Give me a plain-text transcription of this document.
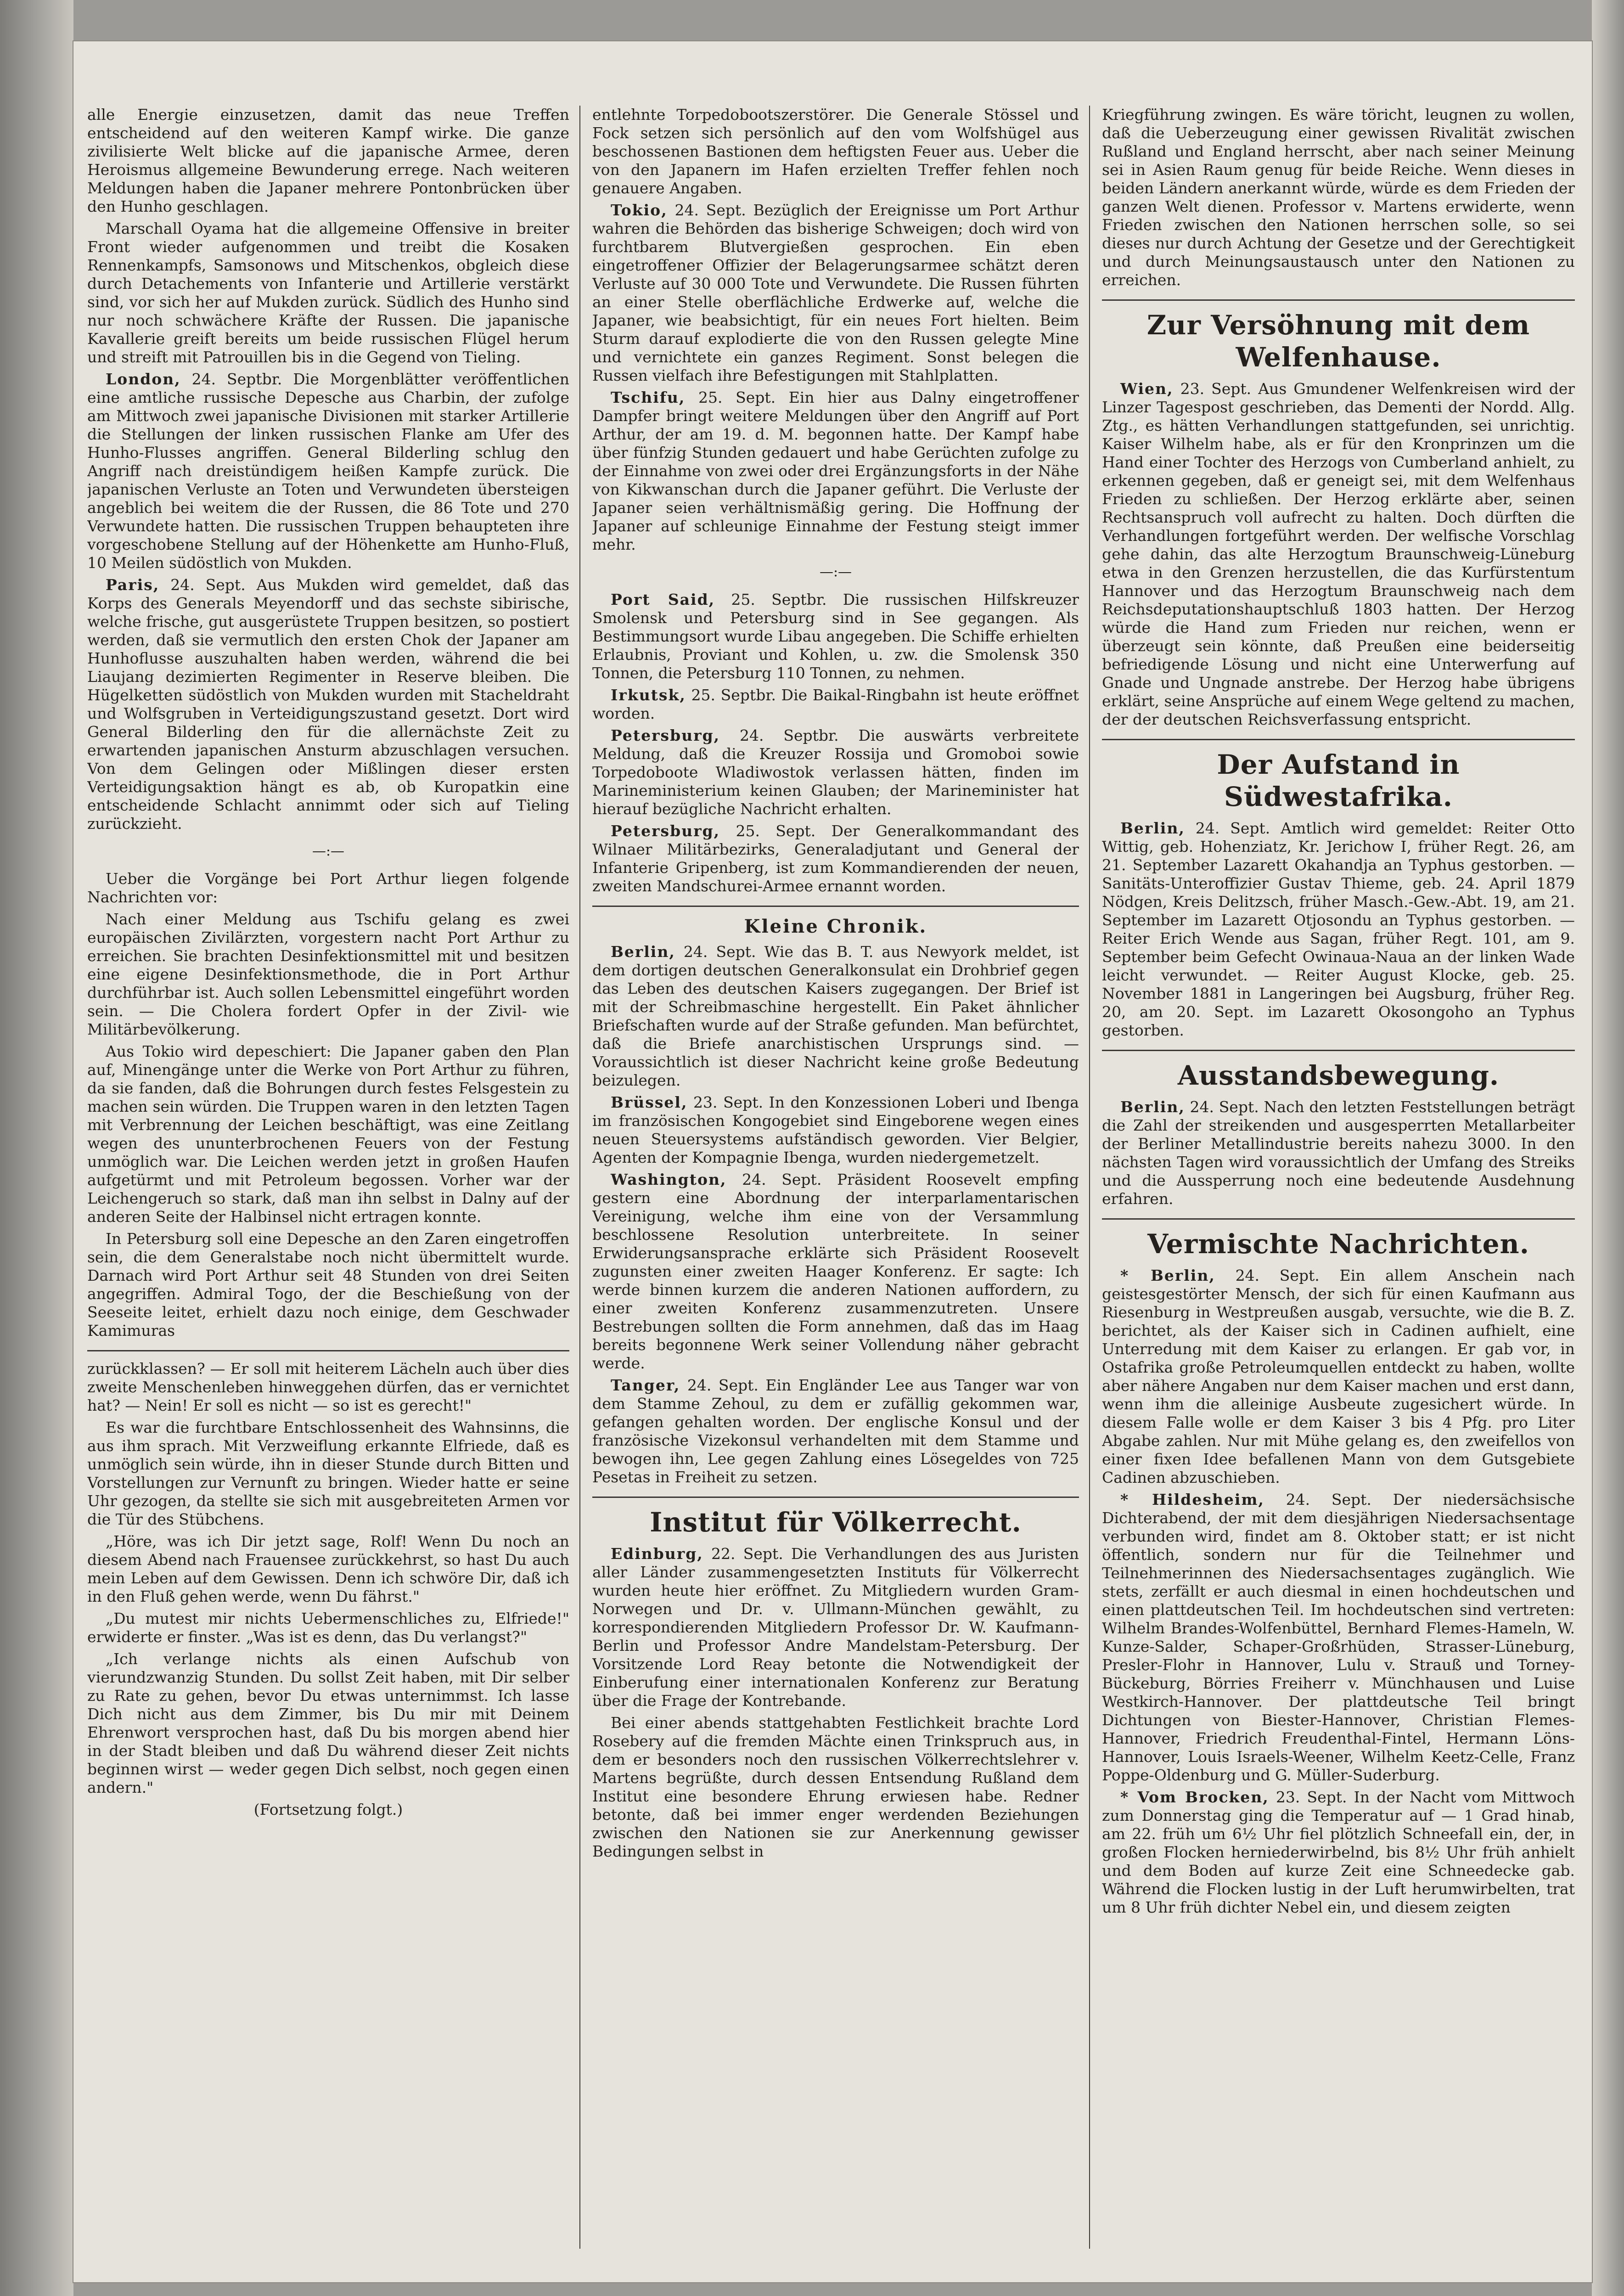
alle Energie einzusetzen, damit das neue Treffen entscheidend auf den weiteren Kampf wirke. Die ganze zivilisierte Welt blicke auf die japanische Armee, deren Heroismus allgemeine Bewunderung errege. Nach weiteren Meldungen haben die Japaner mehrere Pontonbrücken über den Hunho geschlagen.

Marschall Oyama hat die allgemeine Offensive in breiter Front wieder aufgenommen und treibt die Kosaken Rennenkampfs, Samsonows und Mitschenkos, obgleich diese durch Detachements von Infanterie und Artillerie verstärkt sind, vor sich her auf Mukden zurück. Südlich des Hunho sind nur noch schwächere Kräfte der Russen. Die japanische Kavallerie greift bereits um beide russischen Flügel herum und streift mit Patrouillen bis in die Gegend von Tieling.

London, 24. Septbr. Die Morgenblätter veröffentlichen eine amtliche russische Depesche aus Charbin, der zufolge am Mittwoch zwei japanische Divisionen mit starker Artillerie die Stellungen der linken russischen Flanke am Ufer des Hunho-Flusses angriffen. General Bilderling schlug den Angriff nach dreistündigem heißen Kampfe zurück. Die japanischen Verluste an Toten und Verwundeten übersteigen angeblich bei weitem die der Russen, die 86 Tote und 270 Verwundete hatten. Die russischen Truppen behaupteten ihre vorgeschobene Stellung auf der Höhenkette am Hunho-Fluß, 10 Meilen südöstlich von Mukden.

Paris, 24. Sept. Aus Mukden wird gemeldet, daß das Korps des Generals Meyendorff und das sechste sibirische, welche frische, gut ausgerüstete Truppen besitzen, so postiert werden, daß sie vermutlich den ersten Chok der Japaner am Hunhoflusse auszuhalten haben werden, während die bei Liaujang dezimierten Regimenter in Reserve bleiben. Die Hügelketten südöstlich von Mukden wurden mit Stacheldraht und Wolfsgruben in Verteidigungszustand gesetzt. Dort wird General Bilderling den für die allernächste Zeit zu erwartenden japanischen Ansturm abzuschlagen versuchen. Von dem Gelingen oder Mißlingen dieser ersten Verteidigungsaktion hängt es ab, ob Kuropatkin eine entscheidende Schlacht annimmt oder sich auf Tieling zurückzieht.

—:—

Ueber die Vorgänge bei Port Arthur liegen folgende Nachrichten vor:

Nach einer Meldung aus Tschifu gelang es zwei europäischen Zivilärzten, vorgestern nacht Port Arthur zu erreichen. Sie brachten Desinfektionsmittel mit und besitzen eine eigene Desinfektionsmethode, die in Port Arthur durchführbar ist. Auch sollen Lebensmittel eingeführt worden sein. — Die Cholera fordert Opfer in der Zivil- wie Militärbevölkerung.

Aus Tokio wird depeschiert: Die Japaner gaben den Plan auf, Minengänge unter die Werke von Port Arthur zu führen, da sie fanden, daß die Bohrungen durch festes Felsgestein zu machen sein würden. Die Truppen waren in den letzten Tagen mit Verbrennung der Leichen beschäftigt, was eine Zeitlang wegen des ununterbrochenen Feuers von der Festung unmöglich war. Die Leichen werden jetzt in großen Haufen aufgetürmt und mit Petroleum begossen. Vorher war der Leichengeruch so stark, daß man ihn selbst in Dalny auf der anderen Seite der Halbinsel nicht ertragen konnte.

In Petersburg soll eine Depesche an den Zaren eingetroffen sein, die dem Generalstabe noch nicht übermittelt wurde. Darnach wird Port Arthur seit 48 Stunden von drei Seiten angegriffen. Admiral Togo, der die Beschießung von der Seeseite leitet, erhielt dazu noch einige, dem Geschwader Kamimuras

zurückklassen? — Er soll mit heiterem Lächeln auch über dies zweite Menschenleben hinweggehen dürfen, das er vernichtet hat? — Nein! Er soll es nicht — so ist es gerecht!"

Es war die furchtbare Entschlossenheit des Wahnsinns, die aus ihm sprach. Mit Verzweiflung erkannte Elfriede, daß es unmöglich sein würde, ihn in dieser Stunde durch Bitten und Vorstellungen zur Vernunft zu bringen. Wieder hatte er seine Uhr gezogen, da stellte sie sich mit ausgebreiteten Armen vor die Tür des Stübchens.

„Höre, was ich Dir jetzt sage, Rolf! Wenn Du noch an diesem Abend nach Frauensee zurückkehrst, so hast Du auch mein Leben auf dem Gewissen. Denn ich schwöre Dir, daß ich in den Fluß gehen werde, wenn Du fährst."

„Du mutest mir nichts Uebermenschliches zu, Elfriede!" erwiderte er finster. „Was ist es denn, das Du verlangst?"

„Ich verlange nichts als einen Aufschub von vierundzwanzig Stunden. Du sollst Zeit haben, mit Dir selber zu Rate zu gehen, bevor Du etwas unternimmst. Ich lasse Dich nicht aus dem Zimmer, bis Du mir mit Deinem Ehrenwort versprochen hast, daß Du bis morgen abend hier in der Stadt bleiben und daß Du während dieser Zeit nichts beginnen wirst — weder gegen Dich selbst, noch gegen einen andern."

(Fortsetzung folgt.)

entlehnte Torpedobootszerstörer. Die Generale Stössel und Fock setzen sich persönlich auf den vom Wolfshügel aus beschossenen Bastionen dem heftigsten Feuer aus. Ueber die von den Japanern im Hafen erzielten Treffer fehlen noch genauere Angaben.

Tokio, 24. Sept. Bezüglich der Ereignisse um Port Arthur wahren die Behörden das bisherige Schweigen; doch wird von furchtbarem Blutvergießen gesprochen. Ein eben eingetroffener Offizier der Belagerungsarmee schätzt deren Verluste auf 30 000 Tote und Verwundete. Die Russen führten an einer Stelle oberflächliche Erdwerke auf, welche die Japaner, wie beabsichtigt, für ein neues Fort hielten. Beim Sturm darauf explodierte die von den Russen gelegte Mine und vernichtete ein ganzes Regiment. Sonst belegen die Russen vielfach ihre Befestigungen mit Stahlplatten.

Tschifu, 25. Sept. Ein hier aus Dalny eingetroffener Dampfer bringt weitere Meldungen über den Angriff auf Port Arthur, der am 19. d. M. begonnen hatte. Der Kampf habe über fünfzig Stunden gedauert und habe Gerüchten zufolge zu der Einnahme von zwei oder drei Ergänzungsforts in der Nähe von Kikwanschan durch die Japaner geführt. Die Verluste der Japaner seien verhältnismäßig gering. Die Hoffnung der Japaner auf schleunige Einnahme der Festung steigt immer mehr.

—:—

Port Said, 25. Septbr. Die russischen Hilfskreuzer Smolensk und Petersburg sind in See gegangen. Als Bestimmungsort wurde Libau angegeben. Die Schiffe erhielten Erlaubnis, Proviant und Kohlen, u. zw. die Smolensk 350 Tonnen, die Petersburg 110 Tonnen, zu nehmen.

Irkutsk, 25. Septbr. Die Baikal-Ringbahn ist heute eröffnet worden.

Petersburg, 24. Septbr. Die auswärts verbreitete Meldung, daß die Kreuzer Rossija und Gromoboi sowie Torpedoboote Wladiwostok verlassen hätten, finden im Marineministerium keinen Glauben; der Marineminister hat hierauf bezügliche Nachricht erhalten.

Petersburg, 25. Sept. Der Generalkommandant des Wilnaer Militärbezirks, Generaladjutant und General der Infanterie Gripenberg, ist zum Kommandierenden der neuen, zweiten Mandschurei-Armee ernannt worden.

Kleine Chronik.

Berlin, 24. Sept. Wie das B. T. aus Newyork meldet, ist dem dortigen deutschen Generalkonsulat ein Drohbrief gegen das Leben des deutschen Kaisers zugegangen. Der Brief ist mit der Schreibmaschine hergestellt. Ein Paket ähnlicher Briefschaften wurde auf der Straße gefunden. Man befürchtet, daß die Briefe anarchistischen Ursprungs sind. — Voraussichtlich ist dieser Nachricht keine große Bedeutung beizulegen.

Brüssel, 23. Sept. In den Konzessionen Loberi und Ibenga im französischen Kongogebiet sind Eingeborene wegen eines neuen Steuersystems aufständisch geworden. Vier Belgier, Agenten der Kompagnie Ibenga, wurden niedergemetzelt.

Washington, 24. Sept. Präsident Roosevelt empfing gestern eine Abordnung der interparlamentarischen Vereinigung, welche ihm eine von der Versammlung beschlossene Resolution unterbreitete. In seiner Erwiderungsansprache erklärte sich Präsident Roosevelt zugunsten einer zweiten Haager Konferenz. Er sagte: Ich werde binnen kurzem die anderen Nationen auffordern, zu einer zweiten Konferenz zusammenzutreten. Unsere Bestrebungen sollten die Form annehmen, daß das im Haag bereits begonnene Werk seiner Vollendung näher gebracht werde.

Tanger, 24. Sept. Ein Engländer Lee aus Tanger war von dem Stamme Zehoul, zu dem er zufällig gekommen war, gefangen gehalten worden. Der englische Konsul und der französische Vizekonsul verhandelten mit dem Stamme und bewogen ihn, Lee gegen Zahlung eines Lösegeldes von 725 Pesetas in Freiheit zu setzen.

Institut für Völkerrecht.

Edinburg, 22. Sept. Die Verhandlungen des aus Juristen aller Länder zusammengesetzten Instituts für Völkerrecht wurden heute hier eröffnet. Zu Mitgliedern wurden Gram-Norwegen und Dr. v. Ullmann-München gewählt, zu korrespondierenden Mitgliedern Professor Dr. W. Kaufmann-Berlin und Professor Andre Mandelstam-Petersburg. Der Vorsitzende Lord Reay betonte die Notwendigkeit der Einberufung einer internationalen Konferenz zur Beratung über die Frage der Kontrebande.

Bei einer abends stattgehabten Festlichkeit brachte Lord Rosebery auf die fremden Mächte einen Trinkspruch aus, in dem er besonders noch den russischen Völkerrechtslehrer v. Martens begrüßte, durch dessen Entsendung Rußland dem Institut eine besondere Ehrung erwiesen habe. Redner betonte, daß bei immer enger werdenden Beziehungen zwischen den Nationen sie zur Anerkennung gewisser Bedingungen selbst in

Kriegführung zwingen. Es wäre töricht, leugnen zu wollen, daß die Ueberzeugung einer gewissen Rivalität zwischen Rußland und England herrscht, aber nach seiner Meinung sei in Asien Raum genug für beide Reiche. Wenn dieses in beiden Ländern anerkannt würde, würde es dem Frieden der ganzen Welt dienen. Professor v. Martens erwiderte, wenn Frieden zwischen den Nationen herrschen solle, so sei dieses nur durch Achtung der Gesetze und der Gerechtigkeit und durch Meinungsaustausch unter den Nationen zu erreichen.

Zur Versöhnung mit dem Welfenhause.

Wien, 23. Sept. Aus Gmundener Welfenkreisen wird der Linzer Tagespost geschrieben, das Dementi der Nordd. Allg. Ztg., es hätten Verhandlungen stattgefunden, sei unrichtig. Kaiser Wilhelm habe, als er für den Kronprinzen um die Hand einer Tochter des Herzogs von Cumberland anhielt, zu erkennen gegeben, daß er geneigt sei, mit dem Welfenhaus Frieden zu schließen. Der Herzog erklärte aber, seinen Rechtsanspruch voll aufrecht zu halten. Doch dürften die Verhandlungen fortgeführt werden. Der welfische Vorschlag gehe dahin, das alte Herzogtum Braunschweig-Lüneburg etwa in den Grenzen herzustellen, die das Kurfürstentum Hannover und das Herzogtum Braunschweig nach dem Reichsdeputationshauptschluß 1803 hatten. Der Herzog würde die Hand zum Frieden nur reichen, wenn er überzeugt sein könnte, daß Preußen eine beiderseitig befriedigende Lösung und nicht eine Unterwerfung auf Gnade und Ungnade anstrebe. Der Herzog habe übrigens erklärt, seine Ansprüche auf einem Wege geltend zu machen, der der deutschen Reichsverfassung entspricht.

Der Aufstand in Südwestafrika.

Berlin, 24. Sept. Amtlich wird gemeldet: Reiter Otto Wittig, geb. Hohenziatz, Kr. Jerichow I, früher Regt. 26, am 21. September Lazarett Okahandja an Typhus gestorben. — Sanitäts-Unteroffizier Gustav Thieme, geb. 24. April 1879 Nödgen, Kreis Delitzsch, früher Masch.-Gew.-Abt. 19, am 21. September im Lazarett Otjosondu an Typhus gestorben. — Reiter Erich Wende aus Sagan, früher Regt. 101, am 9. September beim Gefecht Owinaua-Naua an der linken Wade leicht verwundet. — Reiter August Klocke, geb. 25. November 1881 in Langeringen bei Augsburg, früher Reg. 20, am 20. Sept. im Lazarett Okosongoho an Typhus gestorben.

Ausstandsbewegung.

Berlin, 24. Sept. Nach den letzten Feststellungen beträgt die Zahl der streikenden und ausgesperrten Metallarbeiter der Berliner Metallindustrie bereits nahezu 3000. In den nächsten Tagen wird voraussichtlich der Umfang des Streiks und die Aussperrung noch eine bedeutende Ausdehnung erfahren.

Vermischte Nachrichten.

* Berlin, 24. Sept. Ein allem Anschein nach geistesgestörter Mensch, der sich für einen Kaufmann aus Riesenburg in Westpreußen ausgab, versuchte, wie die B. Z. berichtet, als der Kaiser sich in Cadinen aufhielt, eine Unterredung mit dem Kaiser zu erlangen. Er gab vor, in Ostafrika große Petroleumquellen entdeckt zu haben, wollte aber nähere Angaben nur dem Kaiser machen und erst dann, wenn ihm die alleinige Ausbeute zugesichert würde. In diesem Falle wolle er dem Kaiser 3 bis 4 Pfg. pro Liter Abgabe zahlen. Nur mit Mühe gelang es, den zweifellos von einer fixen Idee befallenen Mann von dem Gutsgebiete Cadinen abzuschieben.

* Hildesheim, 24. Sept. Der niedersächsische Dichterabend, der mit dem diesjährigen Niedersachsentage verbunden wird, findet am 8. Oktober statt; er ist nicht öffentlich, sondern nur für die Teilnehmer und Teilnehmerinnen des Niedersachsentages zugänglich. Wie stets, zerfällt er auch diesmal in einen hochdeutschen und einen plattdeutschen Teil. Im hochdeutschen sind vertreten: Wilhelm Brandes-Wolfenbüttel, Bernhard Flemes-Hameln, W. Kunze-Salder, Schaper-Großrhüden, Strasser-Lüneburg, Presler-Flohr in Hannover, Lulu v. Strauß und Torney-Bückeburg, Börries Freiherr v. Münchhausen und Luise Westkirch-Hannover. Der plattdeutsche Teil bringt Dichtungen von Biester-Hannover, Christian Flemes-Hannover, Friedrich Freudenthal-Fintel, Hermann Löns-Hannover, Louis Israels-Weener, Wilhelm Keetz-Celle, Franz Poppe-Oldenburg und G. Müller-Suderburg.

* Vom Brocken, 23. Sept. In der Nacht vom Mittwoch zum Donnerstag ging die Temperatur auf — 1 Grad hinab, am 22. früh um 6½ Uhr fiel plötzlich Schneefall ein, der, in großen Flocken herniederwirbelnd, bis 8½ Uhr früh anhielt und dem Boden auf kurze Zeit eine Schneedecke gab. Während die Flocken lustig in der Luft herumwirbelten, trat um 8 Uhr früh dichter Nebel ein, und diesem zeigten
